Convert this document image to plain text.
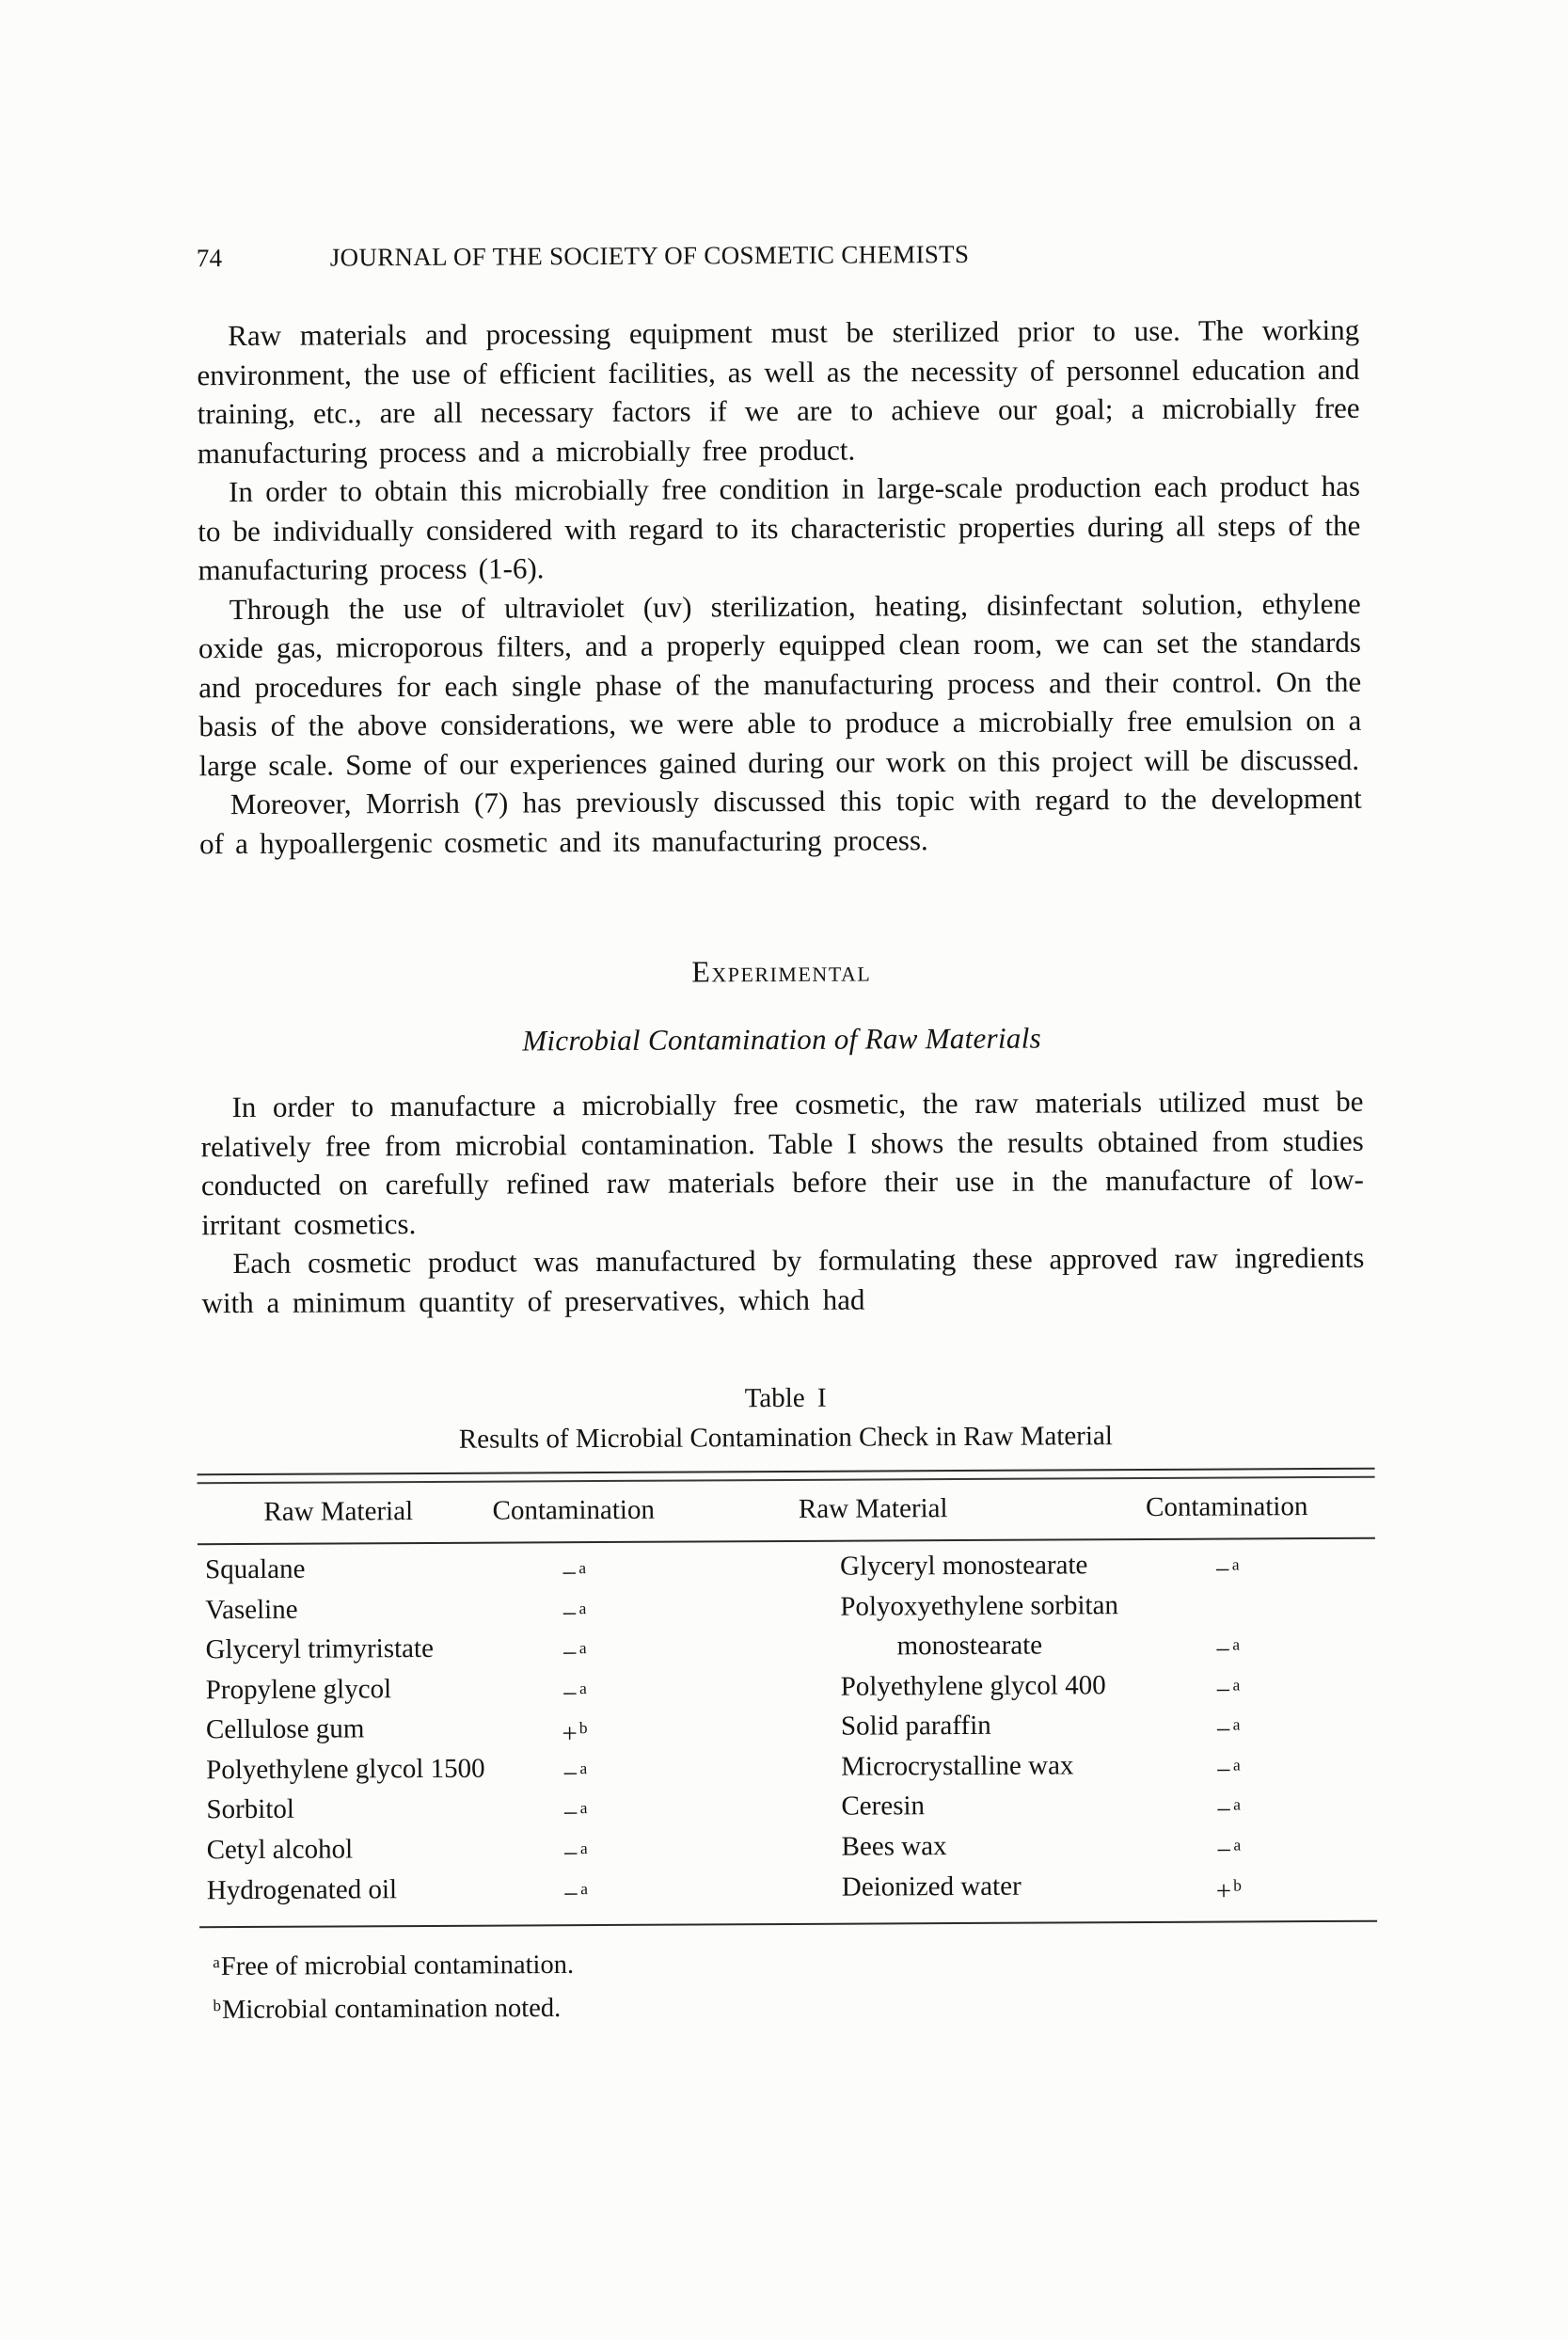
74	JOURNAL OF THE SOCIETY OF COSMETIC CHEMISTS

Raw materials and processing equipment must be sterilized prior to use. The working environment, the use of efficient facilities, as well as the necessity of personnel education and training, etc., are all necessary factors if we are to achieve our goal; a microbially free manufacturing process and a microbially free product.

In order to obtain this microbially free condition in large-scale production each product has to be individually considered with regard to its characteristic properties during all steps of the manufacturing process (1-6).

Through the use of ultraviolet (uv) sterilization, heating, disinfectant solution, ethylene oxide gas, microporous filters, and a properly equipped clean room, we can set the standards and procedures for each single phase of the manufacturing process and their control. On the basis of the above considerations, we were able to produce a microbially free emulsion on a large scale. Some of our experiences gained during our work on this project will be discussed.

Moreover, Morrish (7) has previously discussed this topic with regard to the development of a hypoallergenic cosmetic and its manufacturing process.

Experimental
Microbial Contamination of Raw Materials

In order to manufacture a microbially free cosmetic, the raw materials utilized must be relatively free from microbial contamination. Table I shows the results obtained from studies conducted on carefully refined raw materials before their use in the manufacture of low-irritant cosmetics.

Each cosmetic product was manufactured by formulating these approved raw ingredients with a minimum quantity of preservatives, which had

Table I
Results of Microbial Contamination Check in Raw Material
Raw Material	Contamination	Raw Material	Contamination
Squalane	− $^a$	Glyceryl monostearate	− $^a$
Vaseline	− $^a$	Polyoxyethylene sorbitan
Glyceryl trimyristate	− $^a$	monostearate	− $^a$
Propylene glycol	− $^a$	Polyethylene glycol 400	− $^a$
Cellulose gum	+ $^b$	Solid paraffin	− $^a$
Polyethylene glycol 1500	− $^a$	Microcrystalline wax	− $^a$
Sorbitol	− $^a$	Ceresin	− $^a$
Cetyl alcohol	− $^a$	Bees wax	− $^a$
Hydrogenated oil	− $^a$	Deionized water	+ $^b$
$^a$Free of microbial contamination.
$^b$Microbial contamination noted.
